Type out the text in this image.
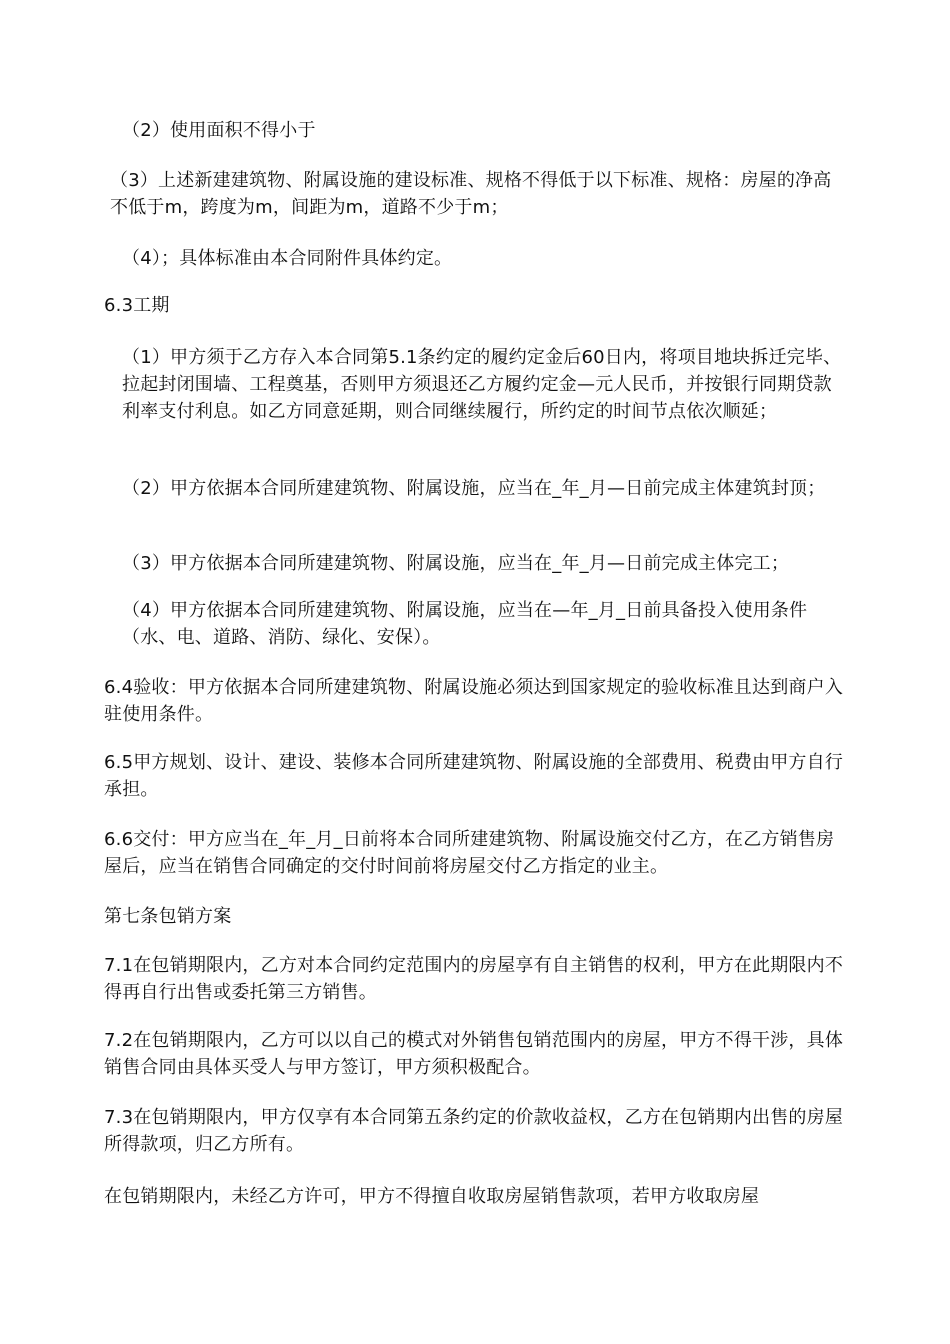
（2）使用面积不得小于

（3）上述新建建筑物、附属设施的建设标准、规格不得低于以下标准、规格：房屋的净高不低于m，跨度为m，间距为m，道路不少于m；

（4）；具体标准由本合同附件具体约定。

6.3工期

（1）甲方须于乙方存入本合同第5.1条约定的履约定金后60日内，将项目地块拆迁完毕、拉起封闭围墙、工程奠基，否则甲方须退还乙方履约定金—元人民币，并按银行同期贷款利率支付利息。如乙方同意延期，则合同继续履行，所约定的时间节点依次顺延；

（2）甲方依据本合同所建建筑物、附属设施，应当在_年_月—日前完成主体建筑封顶；

（3）甲方依据本合同所建建筑物、附属设施，应当在_年_月—日前完成主体完工；

（4）甲方依据本合同所建建筑物、附属设施，应当在—年_月_日前具备投入使用条件（水、电、道路、消防、绿化、安保）。

6.4验收：甲方依据本合同所建建筑物、附属设施必须达到国家规定的验收标准且达到商户入驻使用条件。

6.5甲方规划、设计、建设、装修本合同所建建筑物、附属设施的全部费用、税费由甲方自行承担。

6.6交付：甲方应当在_年_月_日前将本合同所建建筑物、附属设施交付乙方，在乙方销售房屋后，应当在销售合同确定的交付时间前将房屋交付乙方指定的业主。

第七条包销方案

7.1在包销期限内，乙方对本合同约定范围内的房屋享有自主销售的权利，甲方在此期限内不得再自行出售或委托第三方销售。

7.2在包销期限内，乙方可以以自己的模式对外销售包销范围内的房屋，甲方不得干涉，具体销售合同由具体买受人与甲方签订，甲方须积极配合。

7.3在包销期限内，甲方仅享有本合同第五条约定的价款收益权，乙方在包销期内出售的房屋所得款项，归乙方所有。

在包销期限内，未经乙方许可，甲方不得擅自收取房屋销售款项，若甲方收取房屋
